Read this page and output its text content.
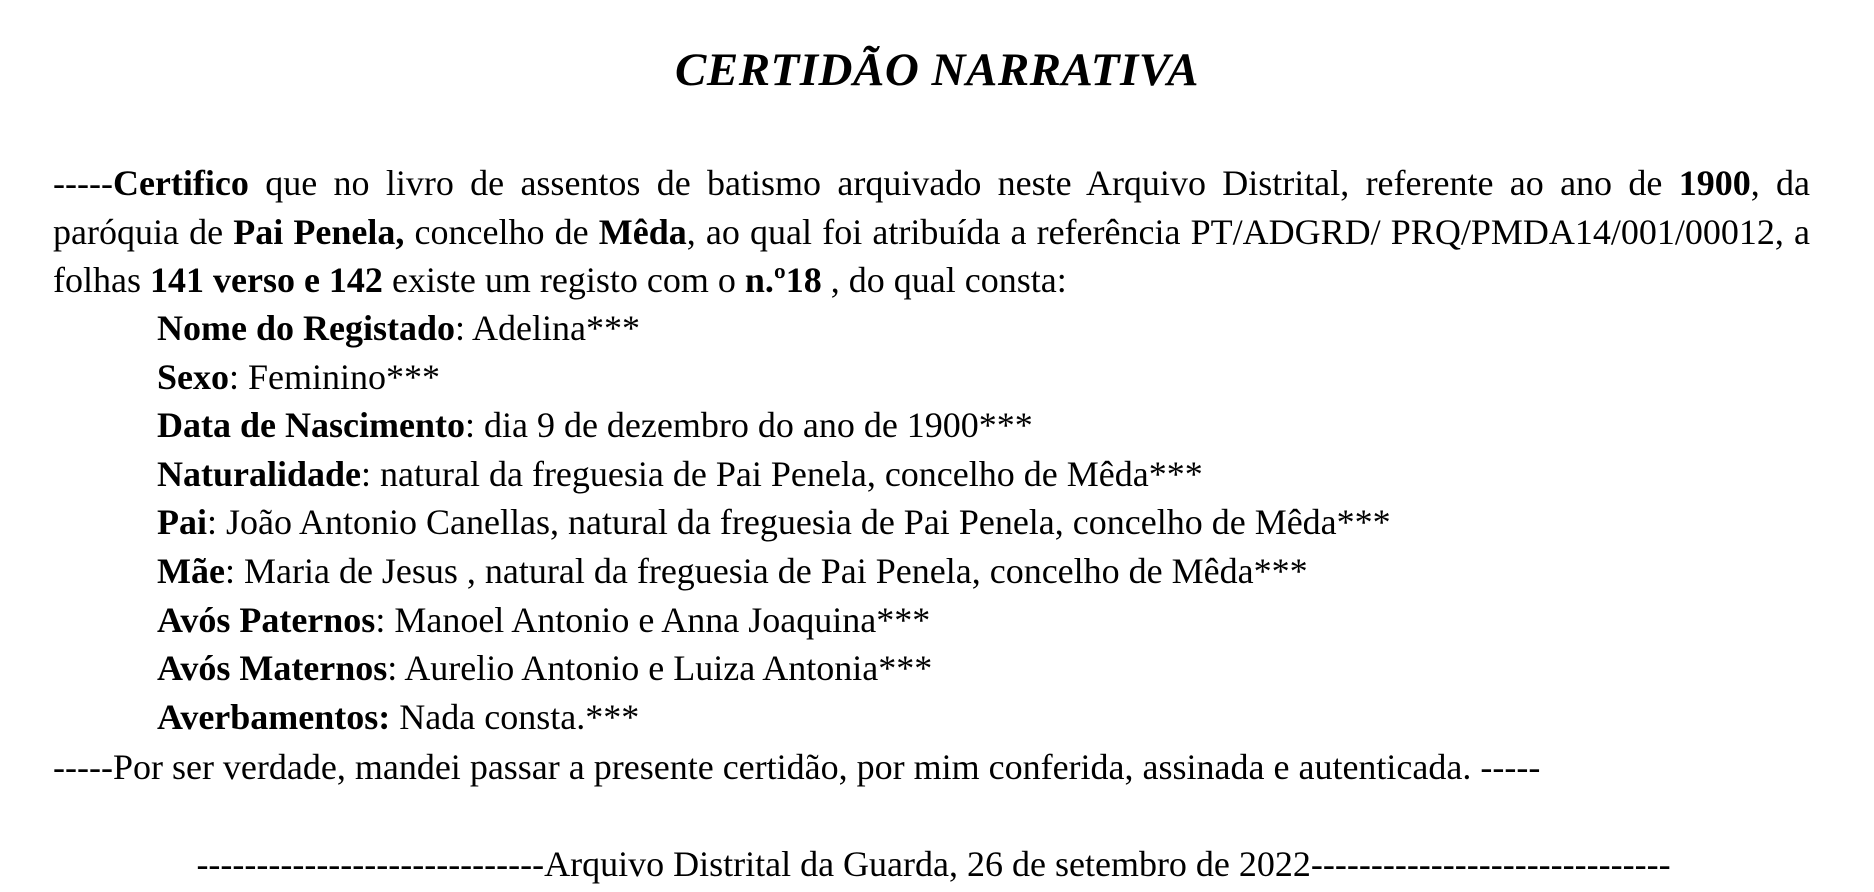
CERTIDÃO NARRATIVA
-----Certifico que no livro de assentos de batismo arquivado neste Arquivo Distrital, referente ao ano de 1900, da paróquia de Pai Penela, concelho de Mêda, ao qual foi atribuída a referência PT/ADGRD/ PRQ/PMDA14/001/00012, a folhas 141 verso e 142 existe um registo com o n.º18 , do qual consta:
Nome do Registado: Adelina***
Sexo: Feminino***
Data de Nascimento: dia 9 de dezembro do ano de 1900***
Naturalidade: natural da freguesia de Pai Penela, concelho de Mêda***
Pai: João Antonio Canellas, natural da freguesia de Pai Penela, concelho de Mêda***
Mãe: Maria de Jesus , natural da freguesia de Pai Penela, concelho de Mêda***
Avós Paternos: Manoel Antonio e Anna Joaquina***
Avós Maternos: Aurelio Antonio e Luiza Antonia***
Averbamentos: Nada consta.***
-----Por ser verdade, mandei passar a presente certidão, por mim conferida, assinada e autenticada. -----
-----------------------------Arquivo Distrital da Guarda, 26 de setembro de 2022------------------------------
